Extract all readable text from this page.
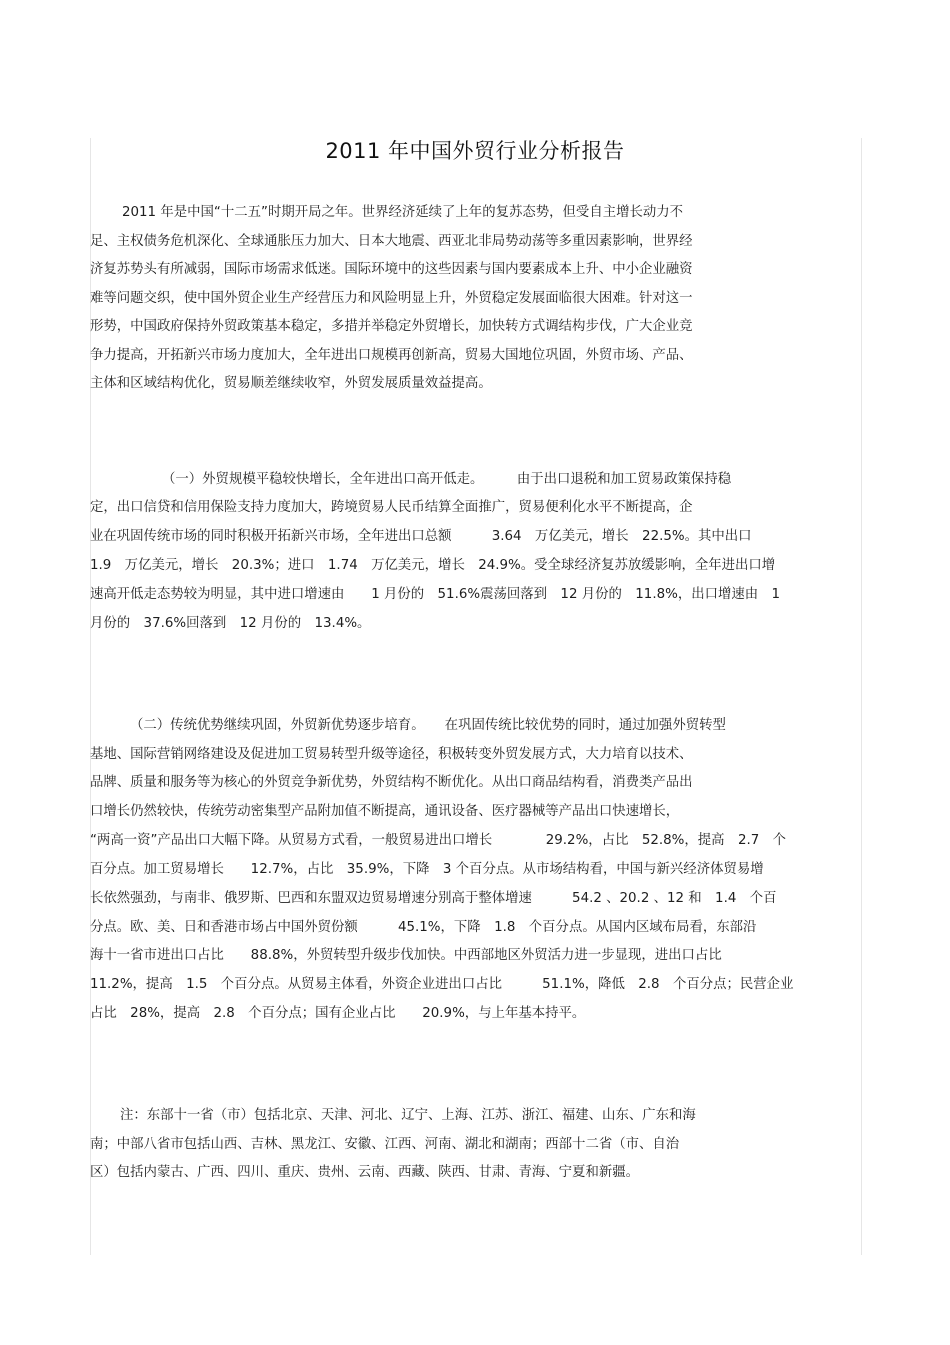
2011 年中国外贸行业分析报告
2011 年是中国“十二五”时期开局之年。世界经济延续了上年的复苏态势，但受自主增长动力不
足、主权债务危机深化、全球通胀压力加大、日本大地震、西亚北非局势动荡等多重因素影响，世界经
济复苏势头有所减弱，国际市场需求低迷。国际环境中的这些因素与国内要素成本上升、中小企业融资
难等问题交织，使中国外贸企业生产经营压力和风险明显上升，外贸稳定发展面临很大困难。针对这一
形势，中国政府保持外贸政策基本稳定，多措并举稳定外贸增长，加快转方式调结构步伐，广大企业竞
争力提高，开拓新兴市场力度加大，全年进出口规模再创新高，贸易大国地位巩固，外贸市场、产品、
主体和区域结构优化，贸易顺差继续收窄，外贸发展质量效益提高。
（一）外贸规模平稳较快增长，全年进出口高开低走。　　　由于出口退税和加工贸易政策保持稳
定，出口信贷和信用保险支持力度加大，跨境贸易人民币结算全面推广，贸易便利化水平不断提高，企
业在巩固传统市场的同时积极开拓新兴市场，全年进出口总额　　　3.64　万亿美元，增长　22.5%。其中出口
1.9　万亿美元，增长　20.3%；进口　1.74　万亿美元，增长　24.9%。受全球经济复苏放缓影响，全年进出口增
速高开低走态势较为明显，其中进口增速由　　1 月份的　51.6%震荡回落到　12 月份的　11.8%，出口增速由　1
月份的　37.6%回落到　12 月份的　13.4%。
（二）传统优势继续巩固，外贸新优势逐步培育。　　在巩固传统比较优势的同时，通过加强外贸转型
基地、国际营销网络建设及促进加工贸易转型升级等途径，积极转变外贸发展方式，大力培育以技术、
品牌、质量和服务等为核心的外贸竞争新优势，外贸结构不断优化。从出口商品结构看，消费类产品出
口增长仍然较快，传统劳动密集型产品附加值不断提高，通讯设备、医疗器械等产品出口快速增长，
“两高一资”产品出口大幅下降。从贸易方式看，一般贸易进出口增长　　　　29.2%，占比　52.8%，提高　2.7　个
百分点。加工贸易增长　　12.7%，占比　35.9%，下降　3 个百分点。从市场结构看，中国与新兴经济体贸易增
长依然强劲，与南非、俄罗斯、巴西和东盟双边贸易增速分别高于整体增速　　　54.2 、20.2 、12 和　1.4　个百
分点。欧、美、日和香港市场占中国外贸份额　　　45.1%，下降　1.8　个百分点。从国内区域布局看，东部沿
海十一省市进出口占比　　88.8%，外贸转型升级步伐加快。中西部地区外贸活力进一步显现，进出口占比
11.2%，提高　1.5　个百分点。从贸易主体看，外资企业进出口占比　　　51.1%，降低　2.8　个百分点；民营企业
占比　28%，提高　2.8　个百分点；国有企业占比　　20.9%，与上年基本持平。
注：东部十一省（市）包括北京、天津、河北、辽宁、上海、江苏、浙江、福建、山东、广东和海
南；中部八省市包括山西、吉林、黑龙江、安徽、江西、河南、湖北和湖南；西部十二省（市、自治
区）包括内蒙古、广西、四川、重庆、贵州、云南、西藏、陕西、甘肃、青海、宁夏和新疆。
